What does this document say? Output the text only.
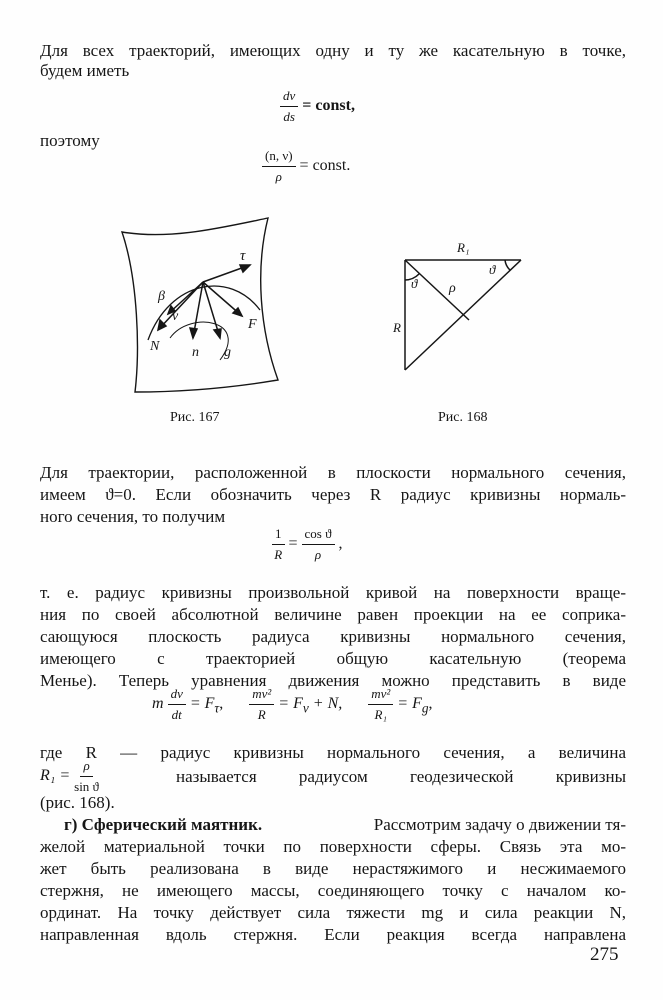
Для всех траекторий, имеющих одну и ту же касательную в точке,
будем иметь
$\frac{dv}{ds}$ = const,
поэтому
$\frac{(n, \nu)}{\rho}$ = const.
τ
β
ν
F
N n g
Рис. 167
R₁
ϑ
ϑ
ρ
R
Рис. 168
Для траектории, расположенной в плоскости нормального сечения,
имеем ϑ=0. Если обозначить через R радиус кривизны нормаль-
ного сечения, то получим
$\frac{1}{R} = \frac{\text{cos ϑ}}{\rho}$ ,
т. е. радиус кривизны произвольной кривой на поверхности враще-
ния по своей абсолютной величине равен проекции на ее соприка-
сающуюся плоскость радиуса кривизны нормального сечения,
имеющего с траекторией общую касательную (теорема
Менье). Теперь уравнения движения можно представить в виде
m $\frac{dv}{dt} = F_\tau$, $\frac{\text{mv²}}{R} = F_\nu + N$, $\frac{\text{mv²}}{\text{R₁}} = F_g$,
где R — радиус кривизны нормального сечения, а величина
$R_1 = \frac{\rho}{\text{sin ϑ}}$	называется радиусом геодезической кривизны
(рис. 168).
г) Сферический маятник.	Рассмотрим задачу о движении тя-
желой материальной точки по поверхности сферы. Связь эта мо-
жет быть реализована в виде нерастяжимого и несжимаемого
стержня, не имеющего массы, соединяющего точку с началом ко-
ординат. На точку действует сила тяжести mg и сила реакции N,
направленная вдоль стержня. Если реакция всегда направлена
275
